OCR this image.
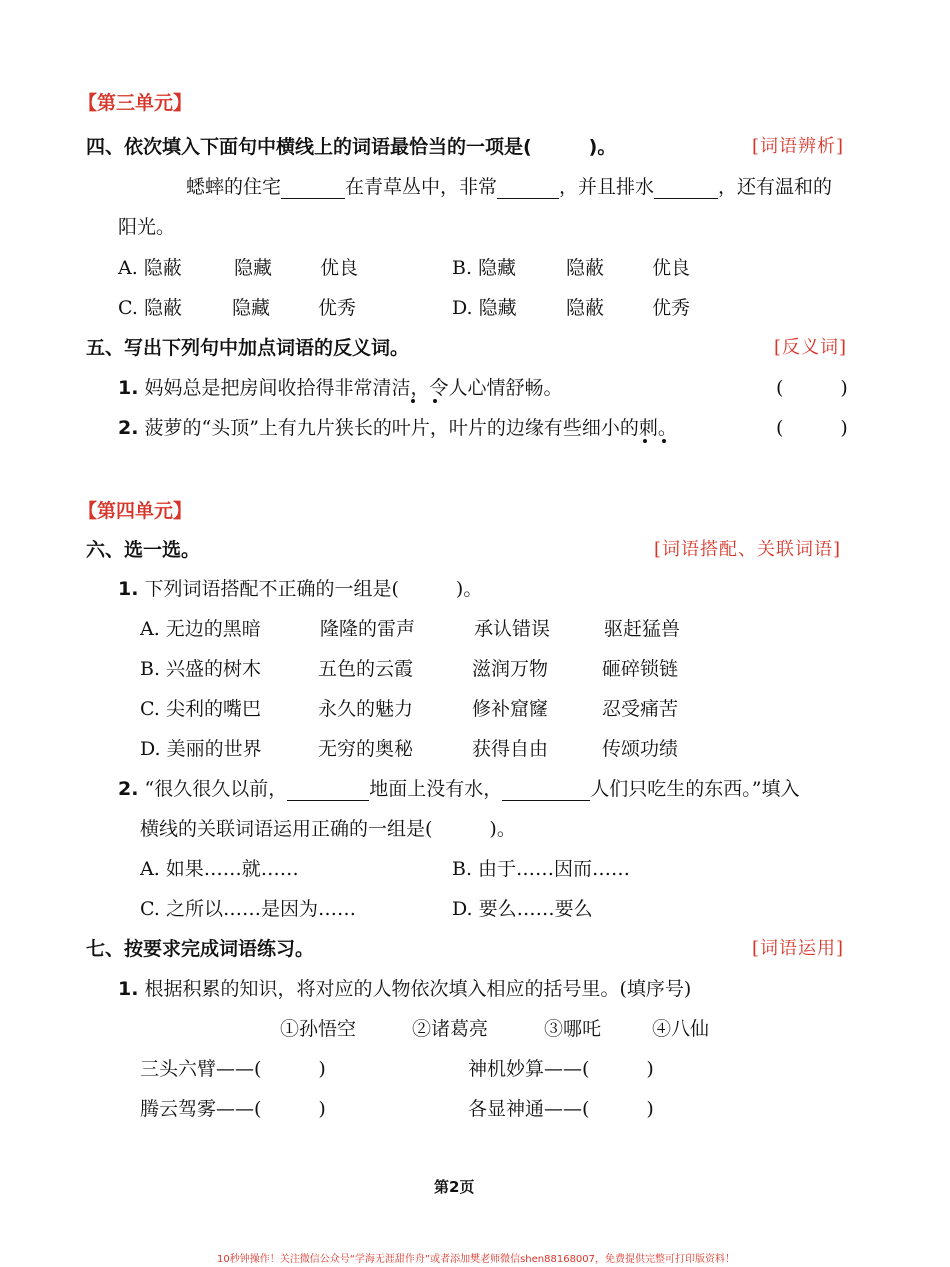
【第三单元】
四、依次填入下面句中横线上的词语最恰当的一项是(　　　)。	[词语辨析]
蟋蟀的住宅	在青草丛中，非常	，并且排水	，还有温和的
阳光。
A. 隐蔽	隐藏	优良	B. 隐藏	隐蔽	优良
C. 隐蔽	隐藏	优秀	D. 隐藏	隐蔽	优秀
五、写出下列句中加点词语的反义词。	[反义词]
1. 妈妈总是把房间收拾得非常清洁，令人心情舒畅。	(　　　)
2. 菠萝的“头顶”上有九片狭长的叶片，叶片的边缘有些细小的刺。	(　　　)
【第四单元】
六、选一选。	[词语搭配、关联词语]
1. 下列词语搭配不正确的一组是(　　　)。
A. 无边的黑暗	隆隆的雷声	承认错误	驱赶猛兽
B. 兴盛的树木	五色的云霞	滋润万物	砸碎锁链
C. 尖利的嘴巴	永久的魅力	修补窟窿	忍受痛苦
D. 美丽的世界	无穷的奥秘	获得自由	传颂功绩
2. “很久很久以前，	地面上没有水，	人们只吃生的东西。”填入
横线的关联词语运用正确的一组是(　　　)。
A. 如果……就……	B. 由于……因而……
C. 之所以……是因为……	D. 要么……要么
七、按要求完成词语练习。	[词语运用]
1. 根据积累的知识，将对应的人物依次填入相应的括号里。(填序号)
①孙悟空	②诸葛亮	③哪吒	④八仙
三头六臂——(　　　)	神机妙算——(　　　)
腾云驾雾——(　　　)	各显神通——(　　　)
第2页
10秒钟操作！关注微信公众号“学海无涯甜作舟”或者添加樊老师微信shen88168007，免费提供完整可打印版资料！
